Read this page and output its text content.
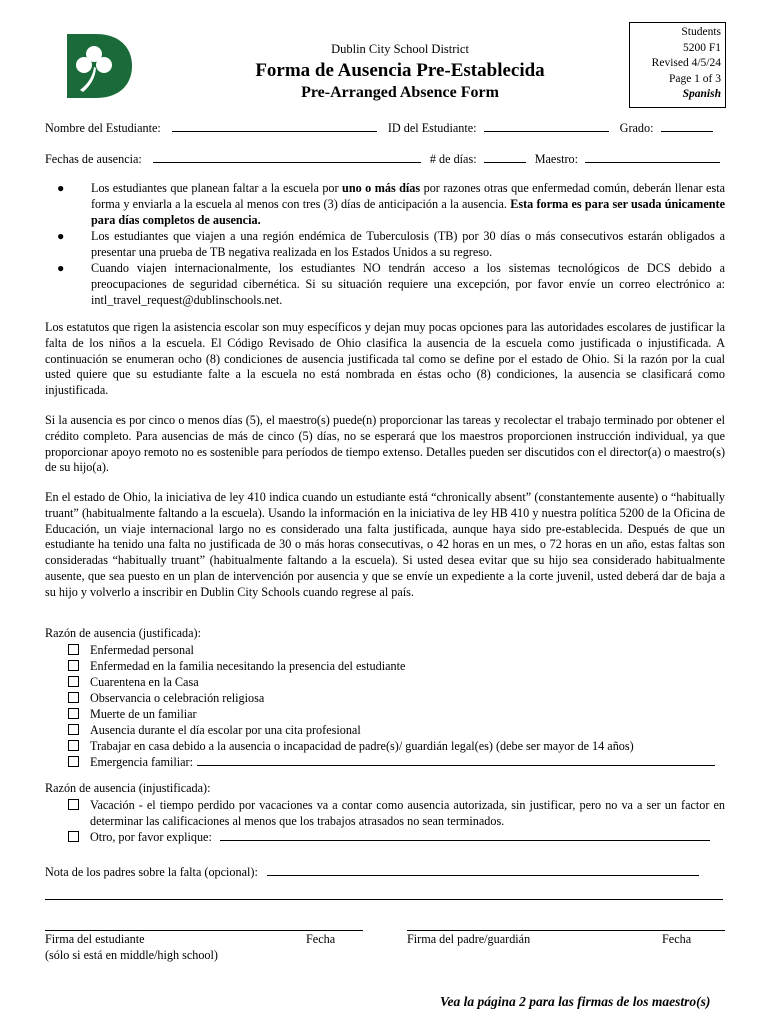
Dublin City School District
Forma de Ausencia Pre-Establecida
Pre-Arranged Absence Form
Students
5200 F1
Revised 4/5/24
Page 1 of 3
Spanish
Nombre del Estudiante:	ID del Estudiante:	Grado:
Fechas de ausencia:	# de días:	Maestro:
● Los estudiantes que planean faltar a la escuela por uno o más días por razones otras que enfermedad común, deberán llenar esta forma y enviarla a la escuela al menos con tres (3) días de anticipación a la ausencia. Esta forma es para ser usada únicamente para días completos de ausencia.
● Los estudiantes que viajen a una región endémica de Tuberculosis (TB) por 30 días o más consecutivos estarán obligados a presentar una prueba de TB negativa realizada en los Estados Unidos a su regreso.
● Cuando viajen internacionalmente, los estudiantes NO tendrán acceso a los sistemas tecnológicos de DCS debido a preocupaciones de seguridad cibernética. Si su situación requiere una excepción, por favor envíe un correo electrónico a: intl_travel_request@dublinschools.net.

Los estatutos que rigen la asistencia escolar son muy específicos y dejan muy pocas opciones para las autoridades escolares de justificar la falta de los niños a la escuela. El Código Revisado de Ohio clasifica la ausencia de la escuela como justificada o injustificada. A continuación se enumeran ocho (8) condiciones de ausencia justificada tal como se define por el estado de Ohio. Si la razón por la cual usted quiere que su estudiante falte a la escuela no está nombrada en éstas ocho (8) condiciones, la ausencia se clasificará como injustificada.

Si la ausencia es por cinco o menos días (5), el maestro(s) puede(n) proporcionar las tareas y recolectar el trabajo terminado por obtener el crédito completo. Para ausencias de más de cinco (5) días, no se esperará que los maestros proporcionen instrucción individual, ya que proporcionar apoyo remoto no es sostenible para períodos de tiempo extenso. Detalles pueden ser discutidos con el director(a) o maestro(s) de su hijo(a).

En el estado de Ohio, la iniciativa de ley 410 indica cuando un estudiante está “chronically absent” (constantemente ausente) o “habitually truant” (habitualmente faltando a la escuela). Usando la información en la iniciativa de ley HB 410 y nuestra política 5200 de la Oficina de Educación, un viaje internacional largo no es considerado una falta justificada, aunque haya sido pre-establecida. Después de que un estudiante ha tenido una falta no justificada de 30 o más horas consecutivas, o 42 horas en un mes, o 72 horas en un año, estas faltas son consideradas “habitually truant” (habitualmente faltando a la escuela). Si usted desea evitar que su hijo sea considerado habitualmente ausente, que sea puesto en un plan de intervención por ausencia y que se envíe un expediente a la corte juvenil, usted deberá dar de baja a su hijo y volverlo a inscribir en Dublin City Schools cuando regrese al país.

Razón de ausencia (justificada):
Enfermedad personal
Enfermedad en la familia necesitando la presencia del estudiante
Cuarentena en la Casa
Observancia o celebración religiosa
Muerte de un familiar
Ausencia durante el día escolar por una cita profesional
Trabajar en casa debido a la ausencia o incapacidad de padre(s)/ guardián legal(es) (debe ser mayor de 14 años)
Emergencia familiar:
Razón de ausencia (injustificada):
Vacación - el tiempo perdido por vacaciones va a contar como ausencia autorizada, sin justificar, pero no va a ser un factor en determinar las calificaciones al menos que los trabajos atrasados no sean terminados.
Otro, por favor explique:
Nota de los padres sobre la falta (opcional):
Firma del estudiante	Fecha	Firma del padre/guardián	Fecha
(sólo si está en middle/high school)
Vea la página 2 para las firmas de los maestro(s)
